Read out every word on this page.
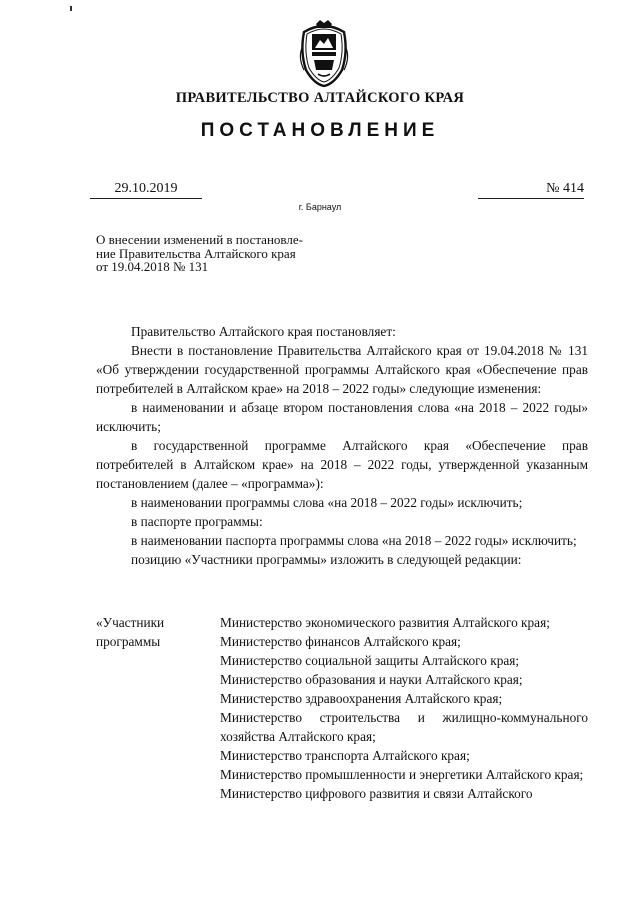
ПРАВИТЕЛЬСТВО АЛТАЙСКОГО КРАЯ
ПОСТАНОВЛЕНИЕ
29.10.2019	№ 414
г. Барнаул
О внесении изменений в постановле-
ние Правительства Алтайского края
от 19.04.2018 № 131

Правительство Алтайского края постановляет:

Внести в постановление Правительства Алтайского края от 19.04.2018 № 131 «Об утверждении государственной программы Алтайского края «Обеспечение прав потребителей в Алтайском крае» на 2018 – 2022 годы» следующие изменения:

в наименовании и абзаце втором постановления слова «на 2018 – 2022 годы» исключить;

в государственной программе Алтайского края «Обеспечение прав потребителей в Алтайском крае» на 2018 – 2022 годы, утвержденной указанным постановлением (далее – «программа»):

в наименовании программы слова «на 2018 – 2022 годы» исключить;

в паспорте программы:

в наименовании паспорта программы слова «на 2018 – 2022 годы» исключить;

позицию «Участники программы» изложить в следующей редакции:

«Участники
программы

Министерство экономического развития Алтайского края;

Министерство финансов Алтайского края;

Министерство социальной защиты Алтайского края;

Министерство образования и науки Алтайского края;

Министерство здравоохранения Алтайского края;

Министерство строительства и жилищно-коммунального хозяйства Алтайского края;

Министерство транспорта Алтайского края;

Министерство промышленности и энергетики Алтайского края;

Министерство цифрового развития и связи Алтайского
